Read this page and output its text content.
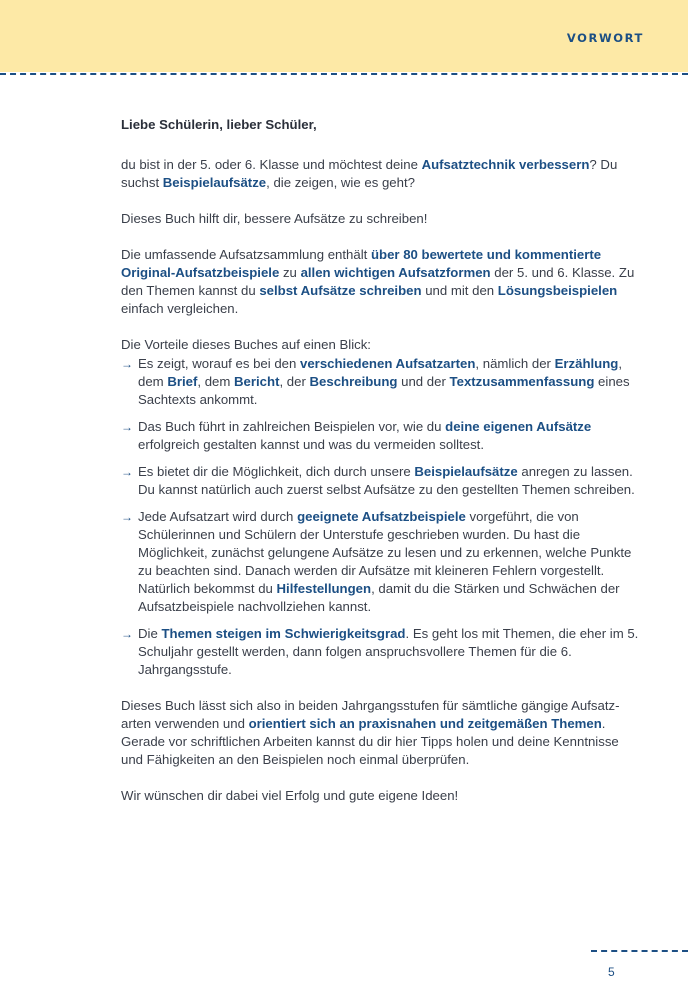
VORWORT

Liebe Schülerin, lieber Schüler,

du bist in der 5. oder 6. Klasse und möchtest deine Aufsatztechnik verbessern? Du suchst Beispielaufsätze, die zeigen, wie es geht?

Dieses Buch hilft dir, bessere Aufsätze zu schreiben!

Die umfassende Aufsatzsammlung enthält über 80 bewertete und kommentierte Original-Aufsatzbeispiele zu allen wichtigen Aufsatzformen der 5. und 6. Klasse. Zu den Themen kannst du selbst Aufsätze schreiben und mit den Lösungsbeispielen einfach vergleichen.

Die Vorteile dieses Buches auf einen Blick:

→ Es zeigt, worauf es bei den verschiedenen Aufsatzarten, nämlich der Erzählung, dem Brief, dem Bericht, der Beschreibung und der Textzusammenfassung eines Sachtexts ankommt.
→ Das Buch führt in zahlreichen Beispielen vor, wie du deine eigenen Aufsätze erfolgreich gestalten kannst und was du vermeiden solltest.
→ Es bietet dir die Möglichkeit, dich durch unsere Beispielaufsätze anregen zu lassen. Du kannst natürlich auch zuerst selbst Aufsätze zu den gestellten Themen schreiben.
→ Jede Aufsatzart wird durch geeignete Aufsatzbeispiele vorgeführt, die von Schülerinnen und Schülern der Unterstufe geschrieben wurden. Du hast die Möglichkeit, zunächst gelungene Aufsätze zu lesen und zu erkennen, welche Punkte zu beachten sind. Danach werden dir Aufsätze mit kleineren Fehlern vorgestellt. Natürlich bekommst du Hilfestellungen, damit du die Stärken und Schwächen der Aufsatzbeispiele nachvollziehen kannst.
→ Die Themen steigen im Schwierigkeitsgrad. Es geht los mit Themen, die eher im 5. Schuljahr gestellt werden, dann folgen anspruchsvollere Themen für die 6. Jahrgangsstufe.

Dieses Buch lässt sich also in beiden Jahrgangsstufen für sämtliche gängige Aufsatzarten verwenden und orientiert sich an praxisnahen und zeitgemäßen Themen. Gerade vor schriftlichen Arbeiten kannst du dir hier Tipps holen und deine Kenntnisse und Fähigkeiten an den Beispielen noch einmal überprüfen.

Wir wünschen dir dabei viel Erfolg und gute eigene Ideen!

5
